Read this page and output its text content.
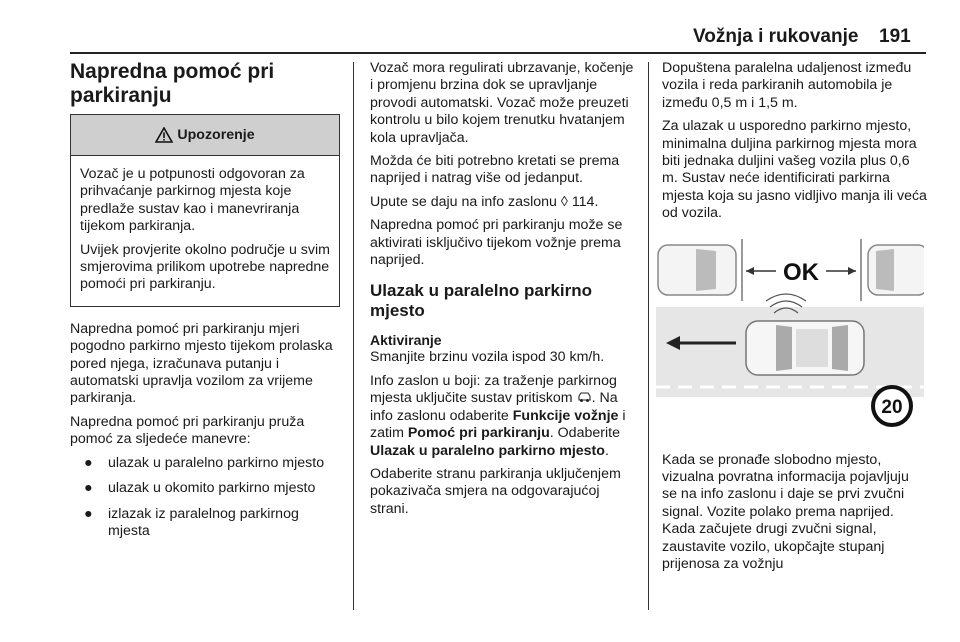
Vožnja i rukovanje 191
Napredna pomoć pri
parkiranju
Upozorenje

Vozač je u potpunosti odgovoran za prihvaćanje parkirnog mjesta koje predlaže sustav kao i manevriranja tijekom parkiranja.

Uvijek provjerite okolno područje u svim smjerovima prilikom upotrebe napredne pomoći pri parkiranju.

Napredna pomoć pri parkiranju mjeri pogodno parkirno mjesto tijekom prolaska pored njega, izračunava putanju i automatski upravlja vozilom za vrijeme parkiranja.

Napredna pomoć pri parkiranju pruža pomoć za sljedeće manevre:

● ulazak u paralelno parkirno mjesto
● ulazak u okomito parkirno mjesto
● izlazak iz paralelnog parkirnog mjesta

Vozač mora regulirati ubrzavanje, kočenje i promjenu brzina dok se upravljanje provodi automatski. Vozač može preuzeti kontrolu u bilo kojem trenutku hvatanjem kola upravljača.

Možda će biti potrebno kretati se prema naprijed i natrag više od jedanput.

Upute se daju na info zaslonu ◊ 114.

Napredna pomoć pri parkiranju može se aktivirati isključivo tijekom vožnje prema naprijed.

Ulazak u paralelno parkirno mjesto
Aktiviranje

Smanjite brzinu vozila ispod 30 km/h.

Info zaslon u boji: za traženje parkirnog mjesta uključite sustav pritiskom . Na info zaslonu odaberite Funkcije vožnje i zatim Pomoć pri parkiranju. Odaberite Ulazak u paralelno parkirno mjesto.

Odaberite stranu parkiranja uključenjem pokazivača smjera na odgovarajućoj strani.

Dopuštena paralelna udaljenost između vozila i reda parkiranih automobila je između 0,5 m i 1,5 m.

Za ulazak u usporedno parkirno mjesto, minimalna duljina parkirnog mjesta mora biti jednaka duljini vašeg vozila plus 0,6 m. Sustav neće identificirati parkirna mjesta koja su jasno vidljivo manja ili veća od vozila.

OK
20

Kada se pronađe slobodno mjesto, vizualna povratna informacija pojavljuju se na info zaslonu i daje se prvi zvučni signal. Vozite polako prema naprijed. Kada začujete drugi zvučni signal, zaustavite vozilo, ukopčajte stupanj prijenosa za vožnju
